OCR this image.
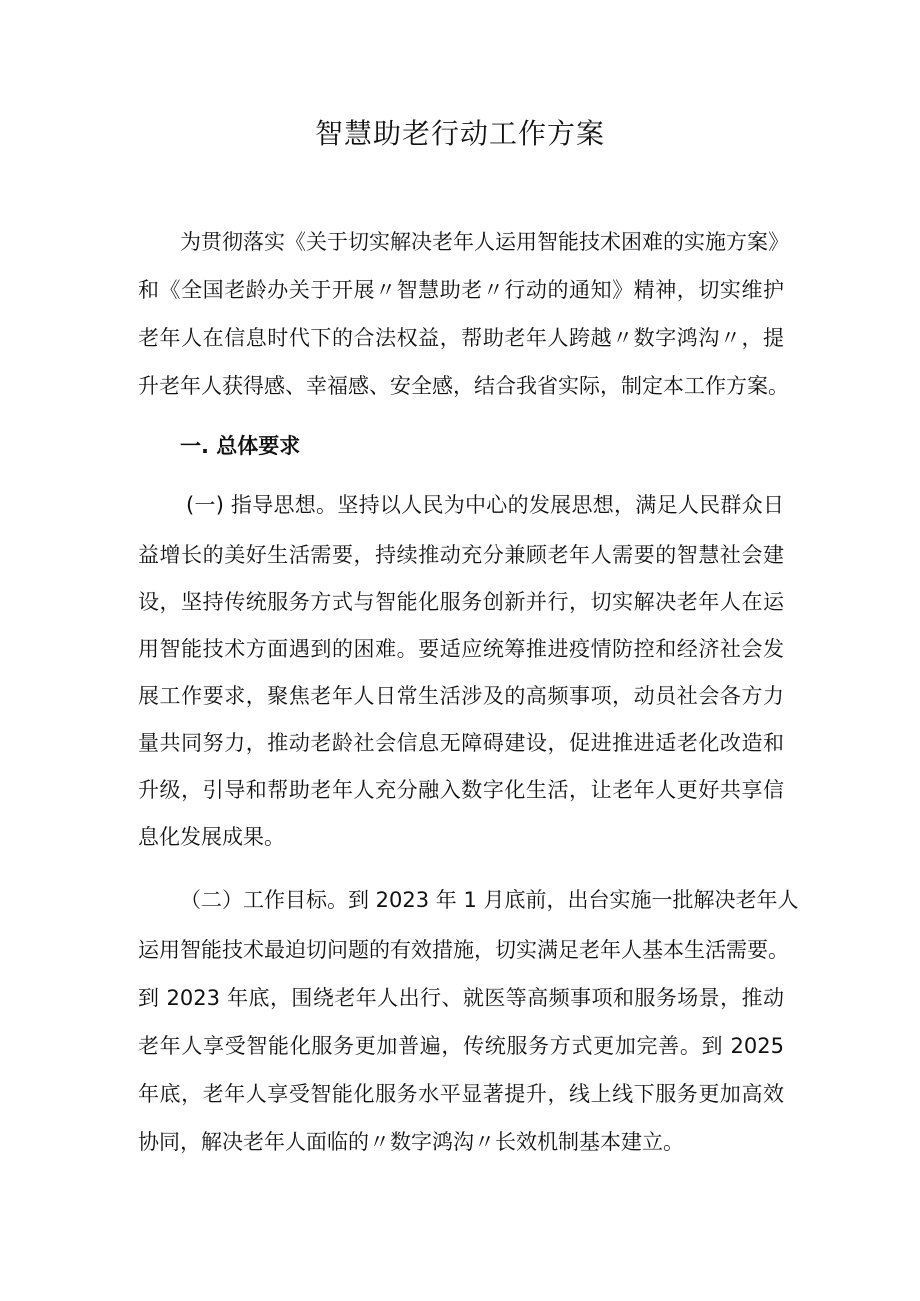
智慧助老行动工作方案

为贯彻落实《关于切实解决老年人运用智能技术困难的实施方案》

和《全国老龄办关于开展〃智慧助老〃行动的通知》精神，切实维护

老年人在信息时代下的合法权益，帮助老年人跨越〃数字鸿沟〃，提

升老年人获得感、幸福感、安全感，结合我省实际，制定本工作方案。

一. 总体要求

(一) 指导思想。坚持以人民为中心的发展思想，满足人民群众日

益增长的美好生活需要，持续推动充分兼顾老年人需要的智慧社会建

设，坚持传统服务方式与智能化服务创新并行，切实解决老年人在运

用智能技术方面遇到的困难。要适应统筹推进疫情防控和经济社会发

展工作要求，聚焦老年人日常生活涉及的高频事项，动员社会各方力

量共同努力，推动老龄社会信息无障碍建设，促进推进适老化改造和

升级，引导和帮助老年人充分融入数字化生活，让老年人更好共享信

息化发展成果。

（二）工作目标。到 2023 年 1 月底前，出台实施一批解决老年人

运用智能技术最迫切问题的有效措施，切实满足老年人基本生活需要。

到 2023 年底，围绕老年人出行、就医等高频事项和服务场景，推动

老年人享受智能化服务更加普遍，传统服务方式更加完善。到 2025

年底，老年人享受智能化服务水平显著提升，线上线下服务更加高效

协同，解决老年人面临的〃数字鸿沟〃长效机制基本建立。
